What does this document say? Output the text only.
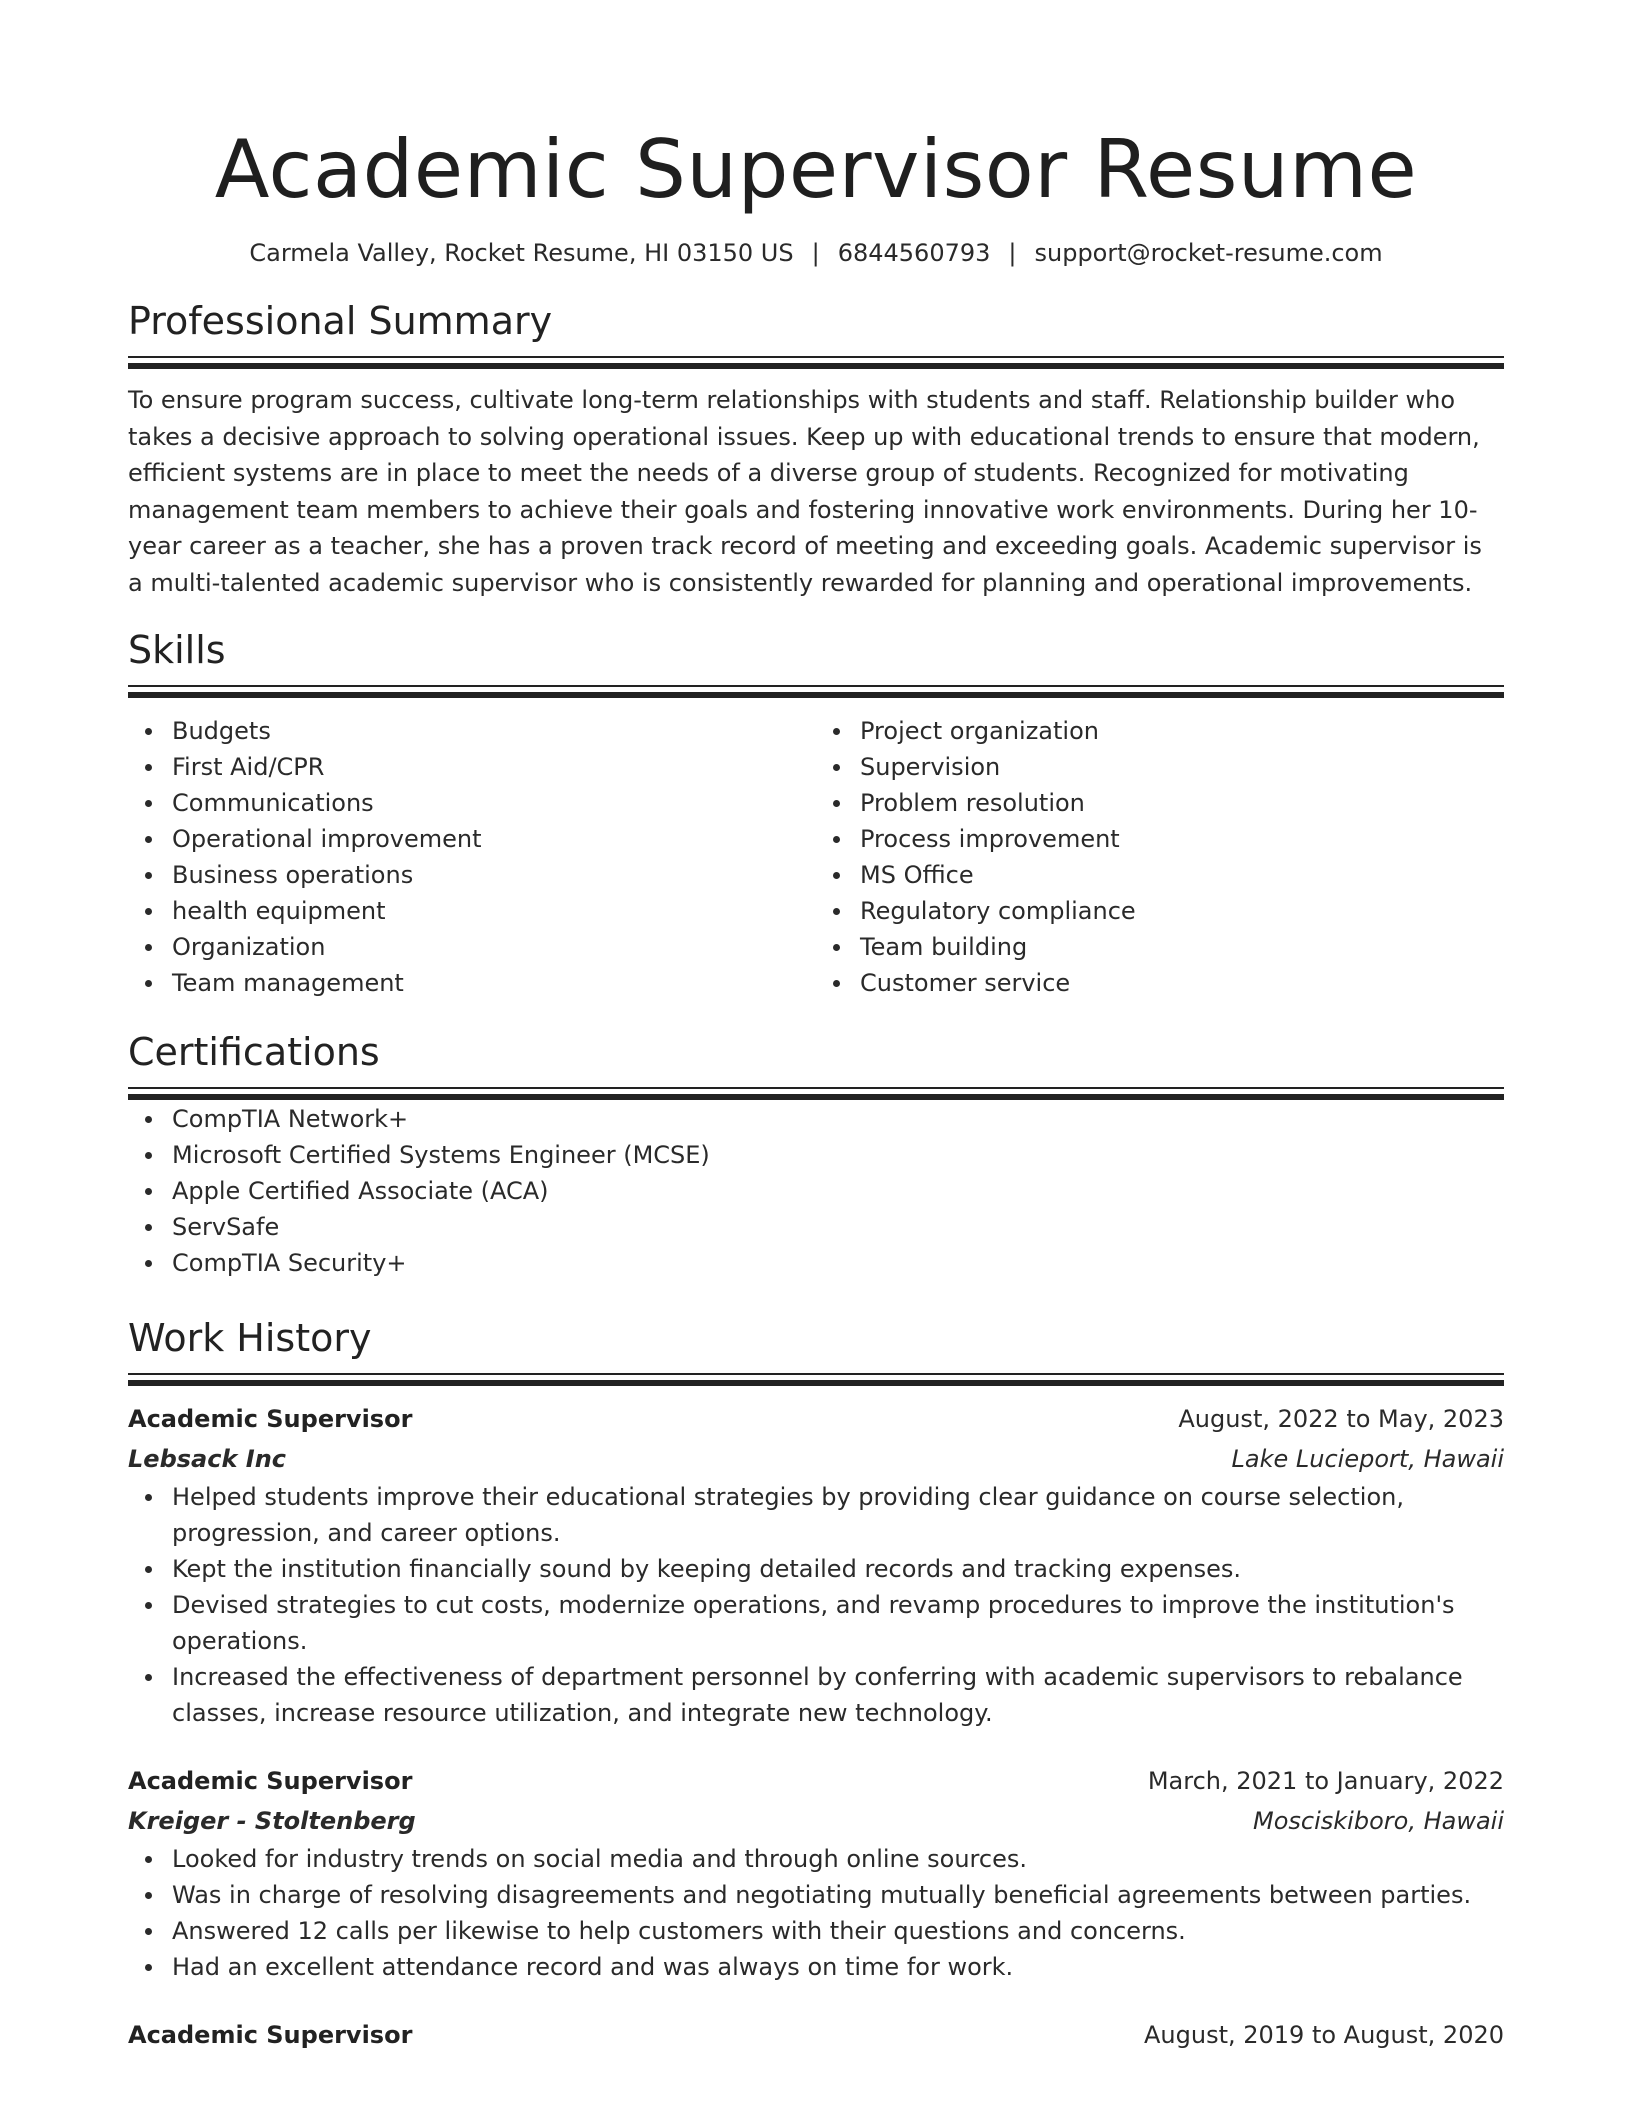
Academic Supervisor Resume
Carmela Valley, Rocket Resume, HI 03150 US | 6844560793 | support@rocket-resume.com
Professional Summary

To ensure program success, cultivate long-term relationships with students and staff. Relationship builder who takes a decisive approach to solving operational issues. Keep up with educational trends to ensure that modern, efficient systems are in place to meet the needs of a diverse group of students. Recognized for motivating management team members to achieve their goals and fostering innovative work environments. During her 10-year career as a teacher, she has a proven track record of meeting and exceeding goals. Academic supervisor is a multi-talented academic supervisor who is consistently rewarded for planning and operational improvements.

Skills
Budgets
First Aid/CPR
Communications
Operational improvement
Business operations
health equipment
Organization
Team management
Project organization
Supervision
Problem resolution
Process improvement
MS Office
Regulatory compliance
Team building
Customer service
Certifications
CompTIA Network+
Microsoft Certified Systems Engineer (MCSE)
Apple Certified Associate (ACA)
ServSafe
CompTIA Security+
Work History
Academic Supervisor	August, 2022 to May, 2023
Lebsack Inc	Lake Lucieport, Hawaii
Helped students improve their educational strategies by providing clear guidance on course selection, progression, and career options.
Kept the institution financially sound by keeping detailed records and tracking expenses.
Devised strategies to cut costs, modernize operations, and revamp procedures to improve the institution's operations.
Increased the effectiveness of department personnel by conferring with academic supervisors to rebalance classes, increase resource utilization, and integrate new technology.
Academic Supervisor	March, 2021 to January, 2022
Kreiger - Stoltenberg	Mosciskiboro, Hawaii
Looked for industry trends on social media and through online sources.
Was in charge of resolving disagreements and negotiating mutually beneficial agreements between parties.
Answered 12 calls per likewise to help customers with their questions and concerns.
Had an excellent attendance record and was always on time for work.
Academic Supervisor	August, 2019 to August, 2020
